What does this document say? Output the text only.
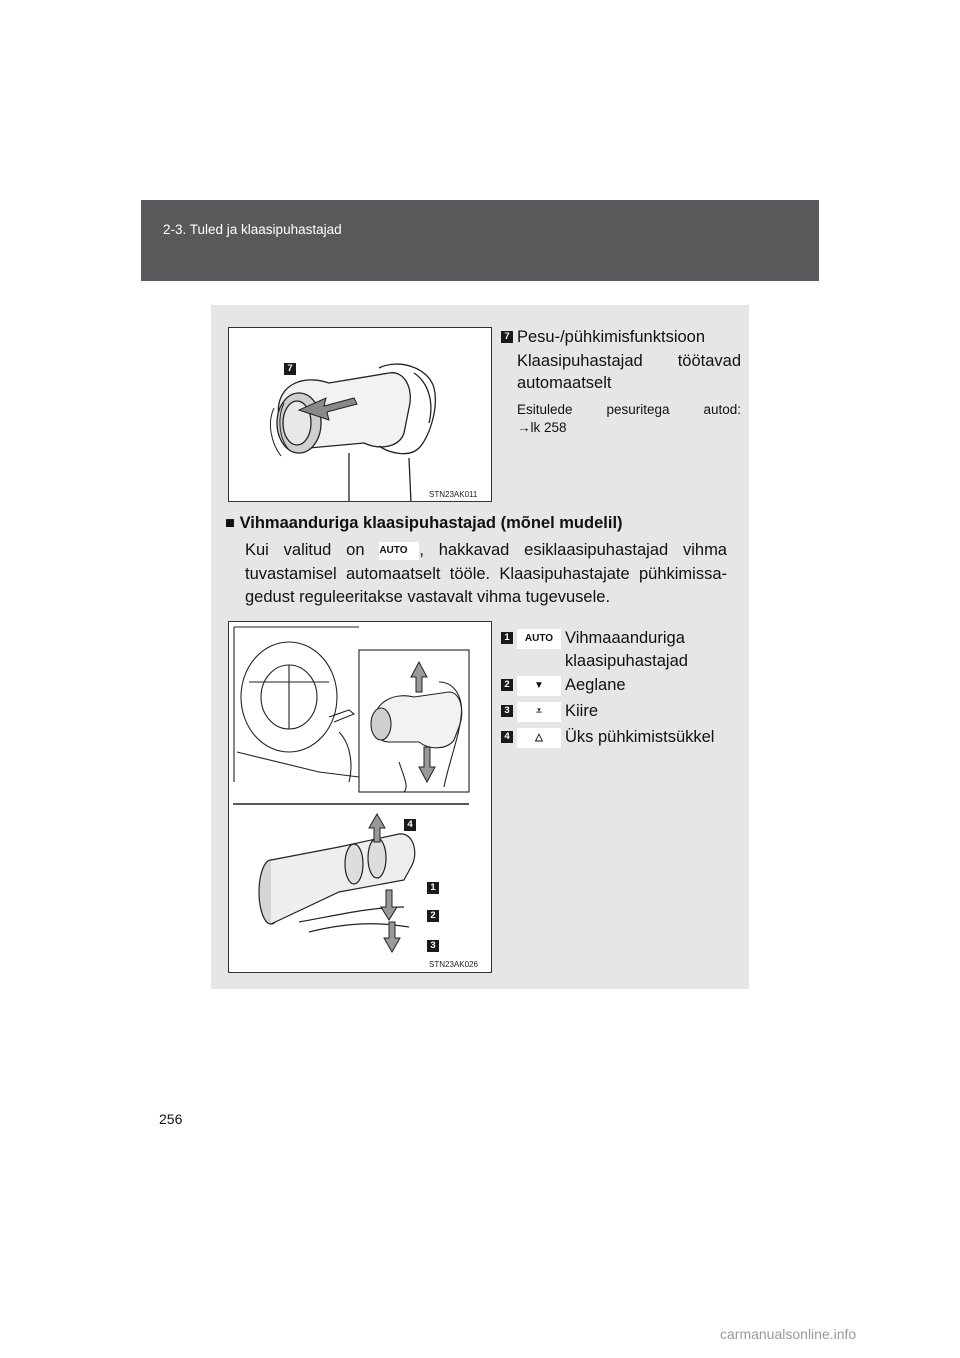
2-3. Tuled ja klaasipuhastajad
7
STN23AK011
7 Pesu-/pühkimisfunktsioon
Klaasipuhastajad töötavad
automaatselt
Esitulede pesuritega autod:
→lk 258
■ Vihmaanduriga klaasipuhastajad (mõnel mudelil)
Kui valitud on AUTO , hakkavad esiklaasipuhastajad vihma
tuvastamisel automaatselt tööle. Klaasipuhastajate pühkimissa-
gedust reguleeritakse vastavalt vihma tugevusele.
4
1
2
3
STN23AK026
1	AUTO Vihmaaanduriga
klaasipuhastajad
2	▼	Aeglane
3	⩡	Kiire
4	△	Üks pühkimistsükkel
256
carmanualsonline.info
